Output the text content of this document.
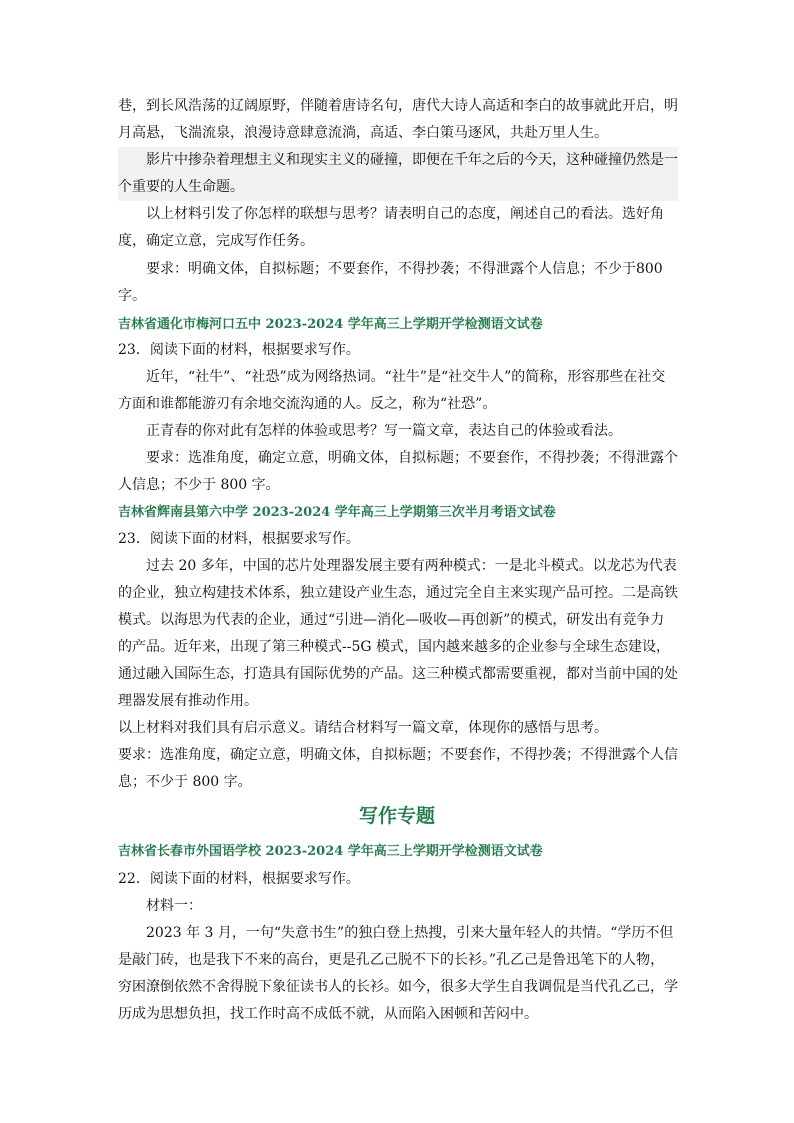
巷，到长风浩荡的辽阔原野，伴随着唐诗名句，唐代大诗人高适和李白的故事就此开启，明月高悬，飞湍流泉，浪漫诗意肆意流淌，高适、李白策马逐风，共赴万里人生。

　　影片中掺杂着理想主义和现实主义的碰撞，即便在千年之后的今天，这种碰撞仍然是一个重要的人生命题。

　　以上材料引发了你怎样的联想与思考？请表明自己的态度，阐述自己的看法。选好角度，确定立意，完成写作任务。

　　要求：明确文体，自拟标题；不要套作，不得抄袭；不得泄露个人信息；不少于800字。

吉林省通化市梅河口五中 2023-2024 学年高三上学期开学检测语文试卷

23．阅读下面的材料，根据要求写作。

　　近年，“社牛”、“社恐”成为网络热词。“社牛”是“社交牛人”的简称，形容那些在社交方面和谁都能游刃有余地交流沟通的人。反之，称为“社恐”。

　　正青春的你对此有怎样的体验或思考？写一篇文章，表达自己的体验或看法。

　　要求：选准角度，确定立意，明确文体，自拟标题；不要套作，不得抄袭；不得泄露个人信息；不少于 800 字。

吉林省辉南县第六中学 2023-2024 学年高三上学期第三次半月考语文试卷

23．阅读下面的材料，根据要求写作。

　　过去 20 多年，中国的芯片处理器发展主要有两种模式：一是北斗模式。以龙芯为代表的企业，独立构建技术体系，独立建设产业生态，通过完全自主来实现产品可控。二是高铁模式。以海思为代表的企业，通过“引进—消化—吸收—再创新”的模式，研发出有竞争力的产品。近年来，出现了第三种模式--5G 模式，国内越来越多的企业参与全球生态建设，通过融入国际生态，打造具有国际优势的产品。这三种模式都需要重视，都对当前中国的处理器发展有推动作用。

以上材料对我们具有启示意义。请结合材料写一篇文章，体现你的感悟与思考。

要求：选准角度，确定立意，明确文体，自拟标题；不要套作，不得抄袭；不得泄露个人信息；不少于 800 字。

写作专题

吉林省长春市外国语学校 2023-2024 学年高三上学期开学检测语文试卷

22．阅读下面的材料，根据要求写作。

　　材料一：

　　2023 年 3 月，一句“失意书生”的独白登上热搜，引来大量年轻人的共情。“学历不但是敲门砖，也是我下不来的高台，更是孔乙己脱不下的长衫。”孔乙己是鲁迅笔下的人物，穷困潦倒依然不舍得脱下象征读书人的长衫。如今，很多大学生自我调侃是当代孔乙己，学历成为思想负担，找工作时高不成低不就，从而陷入困顿和苦闷中。
